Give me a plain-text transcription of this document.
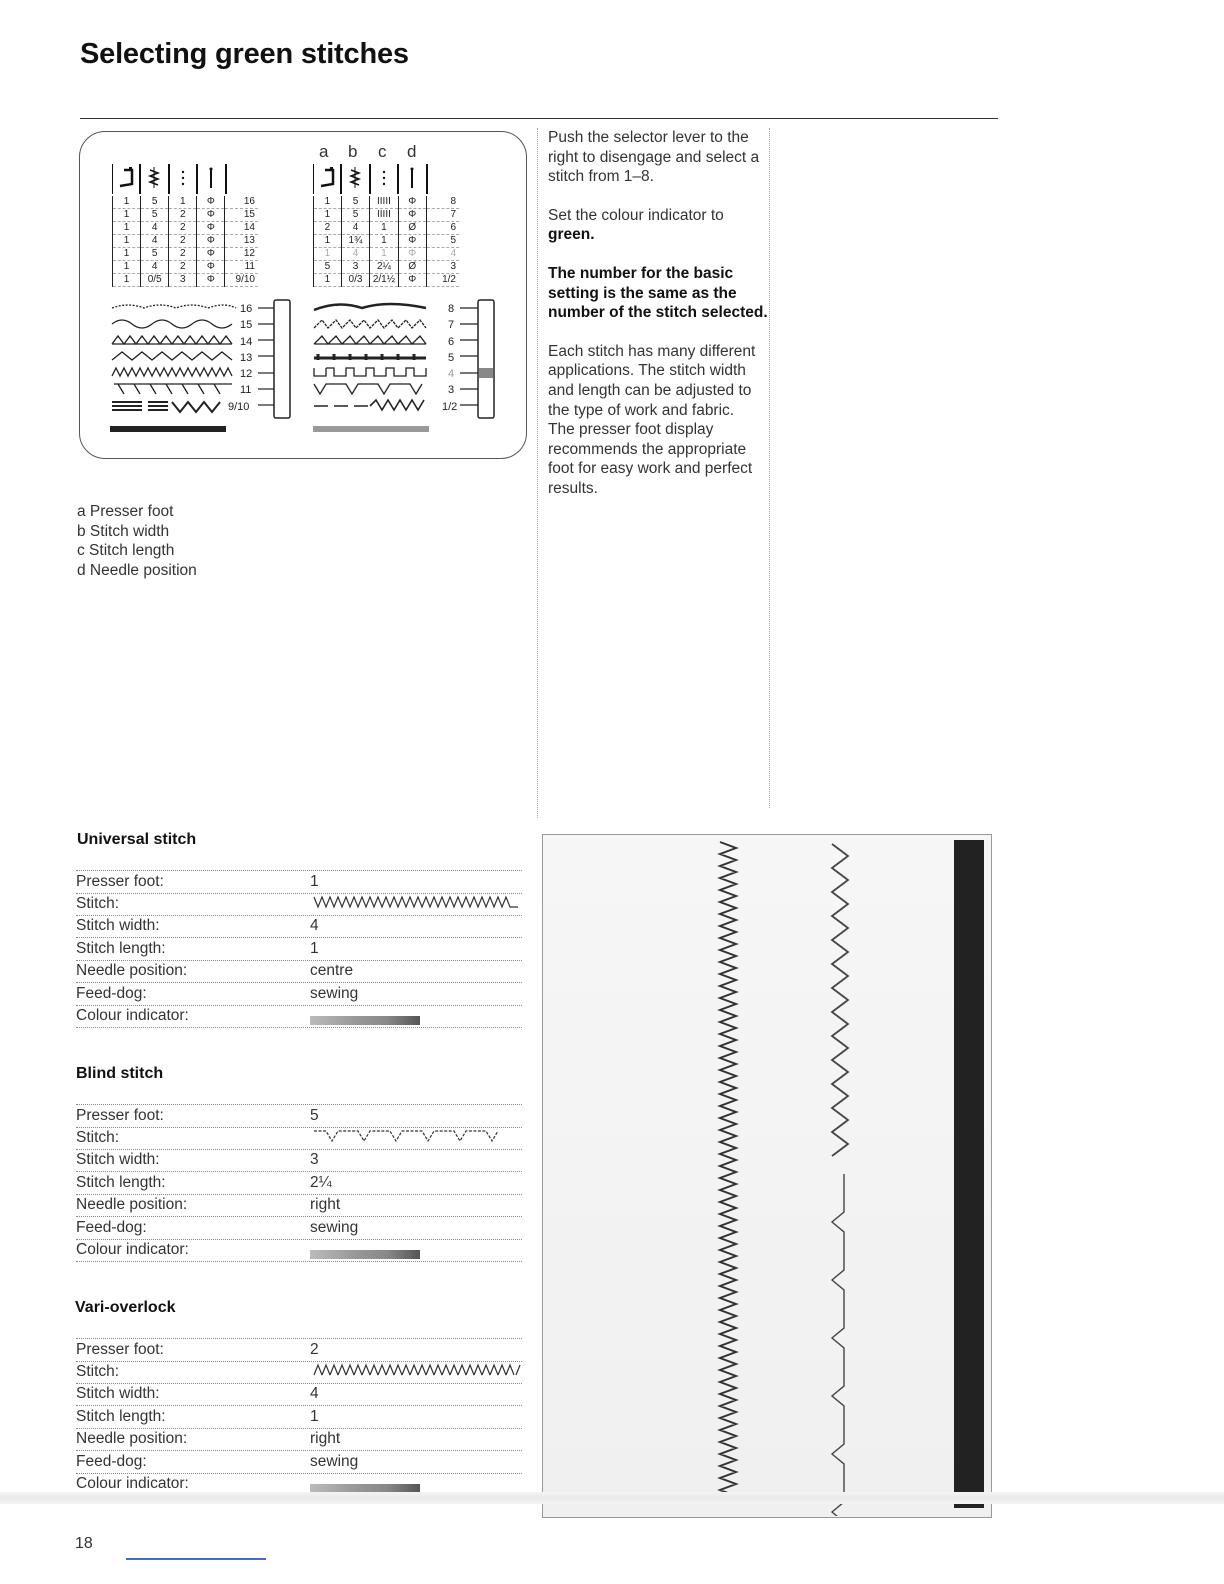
Selecting green stitches
a b c d
1	5	1	Φ	16
1	5	2	Φ	15
1	4	2	Φ	14
1	4	2	Φ	13
1	5	2	Φ	12
1	4	2	Φ	11
1	0/5	3	Φ	9/10
1	5	IIIII	Φ	8
1	5	IIIII	Φ	7
2	4	1	Ø	6
1	1¾	1	Φ	5
1	4	1	Φ	4
5	3	2¼	Ø	3
1	0/3	2/1½	Φ	1/2
16
15
14
13
12
11
9/10
8
7
6
5
4
3
1/2
a Presser foot
b Stitch width
c Stitch length
d Needle position
Push the selector lever to the right to disengage and select a stitch from 1–8.
Set the colour indicator to green.
The number for the basic setting is the same as the number of the stitch selected.
Each stitch has many different applications. The stitch width and length can be adjusted to the type of work and fabric.
The presser foot display recommends the appropriate foot for easy work and perfect results.
Universal stitch
Presser foot:	1
Stitch:
Stitch width:	4
Stitch length:	1
Needle position:	centre
Feed-dog:	sewing
Colour indicator:
Blind stitch
Presser foot:	5
Stitch:
Stitch width:	3
Stitch length:	2¼
Needle position:	right
Feed-dog:	sewing
Colour indicator:
Vari-overlock
Presser foot:	2
Stitch:
Stitch width:	4
Stitch length:	1
Needle position:	right
Feed-dog:	sewing
Colour indicator:
18
